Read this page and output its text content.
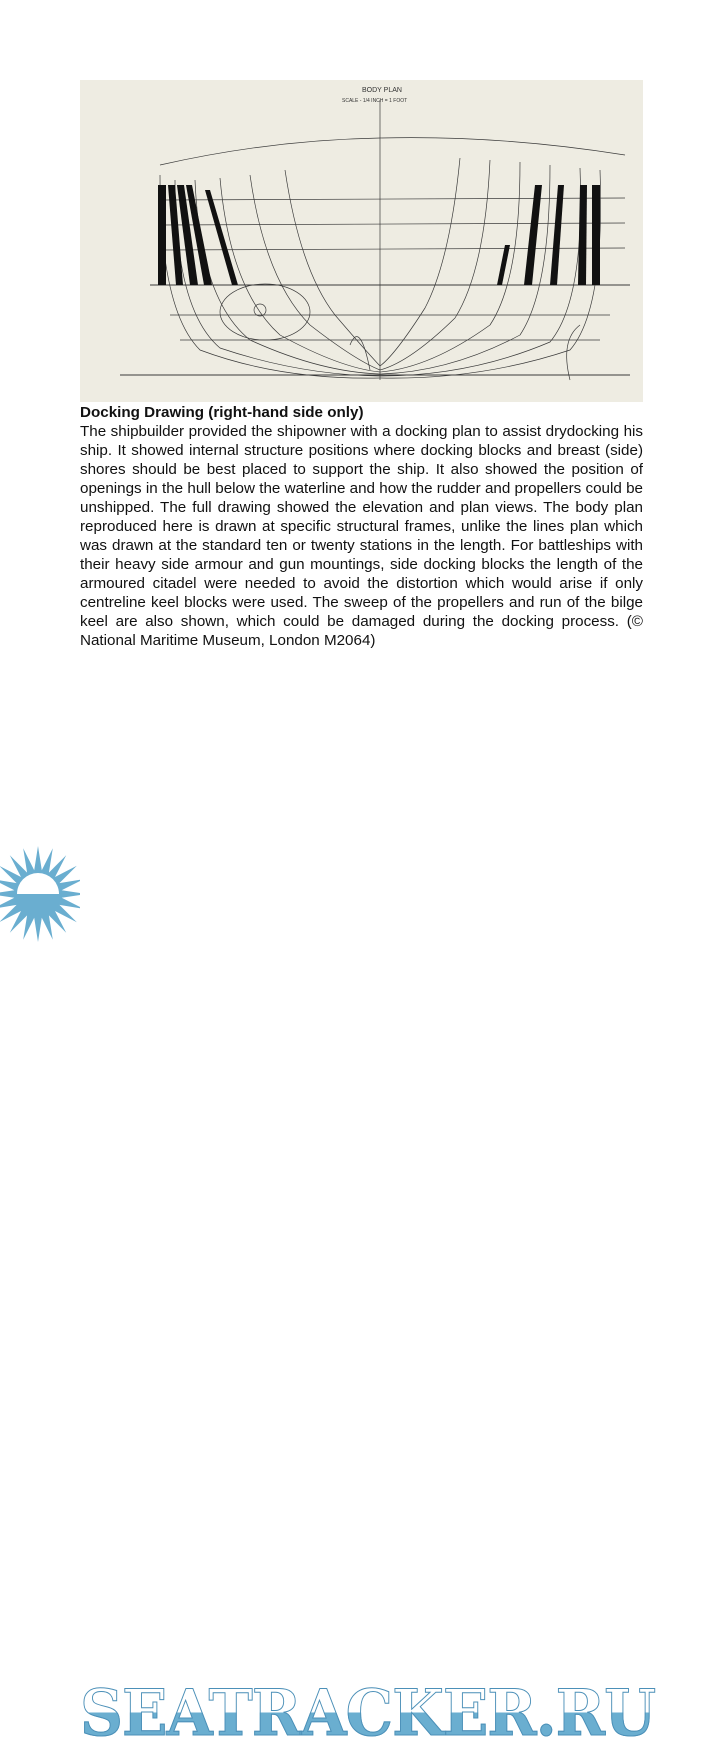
BODY PLAN
SCALE - 1/4 INCH = 1 FOOT
Docking Drawing (right-hand side only)
The shipbuilder provided the shipowner with a docking plan to assist drydocking his ship. It showed internal structure positions where docking blocks and breast (side) shores should be best placed to support the ship. It also showed the position of openings in the hull below the waterline and how the rudder and propellers could be unshipped. The full drawing showed the elevation and plan views. The body plan reproduced here is drawn at specific structural frames, unlike the lines plan which was drawn at the standard ten or twenty stations in the length. For battleships with their heavy side armour and gun mountings, side docking blocks the length of the armoured citadel were needed to avoid the distortion which would arise if only centreline keel blocks were used. The sweep of the propellers and run of the bilge keel are also shown, which could be damaged during the docking process. (© National Maritime Museum, London M2064)
SEATRACKER.RU
